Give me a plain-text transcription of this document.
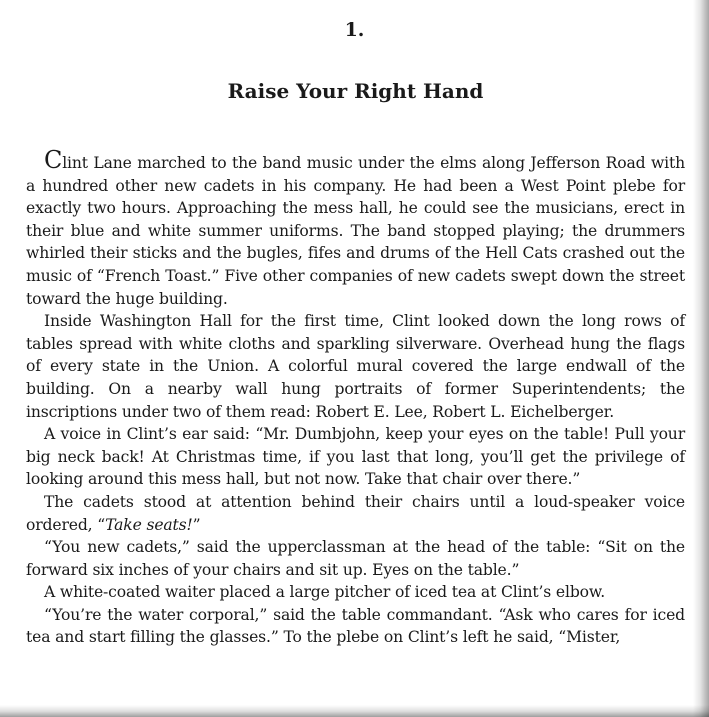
1.
Raise Your Right Hand

Clint Lane marched to the band music under the elms along Jefferson Road with a hundred other new cadets in his company. He had been a West Point plebe for exactly two hours. Approaching the mess hall, he could see the musicians, erect in their blue and white summer uniforms. The band stopped playing; the drummers whirled their sticks and the bugles, fifes and drums of the Hell Cats crashed out the music of “French Toast.” Five other companies of new cadets swept down the street toward the huge building.

Inside Washington Hall for the first time, Clint looked down the long rows of tables spread with white cloths and sparkling silverware. Overhead hung the flags of every state in the Union. A colorful mural covered the large endwall of the building. On a nearby wall hung portraits of former Superintendents; the inscriptions under two of them read: Robert E. Lee, Robert L. Eichelberger.

A voice in Clint’s ear said: “Mr. Dumbjohn, keep your eyes on the table! Pull your big neck back! At Christmas time, if you last that long, you’ll get the privilege of looking around this mess hall, but not now. Take that chair over there.”

The cadets stood at attention behind their chairs until a loud-speaker voice ordered, “Take seats!”

“You new cadets,” said the upperclassman at the head of the table: “Sit on the forward six inches of your chairs and sit up. Eyes on the table.”

A white-coated waiter placed a large pitcher of iced tea at Clint’s elbow.

“You’re the water corporal,” said the table commandant. “Ask who cares for iced tea and start filling the glasses.” To the plebe on Clint’s left he said, “Mister,
